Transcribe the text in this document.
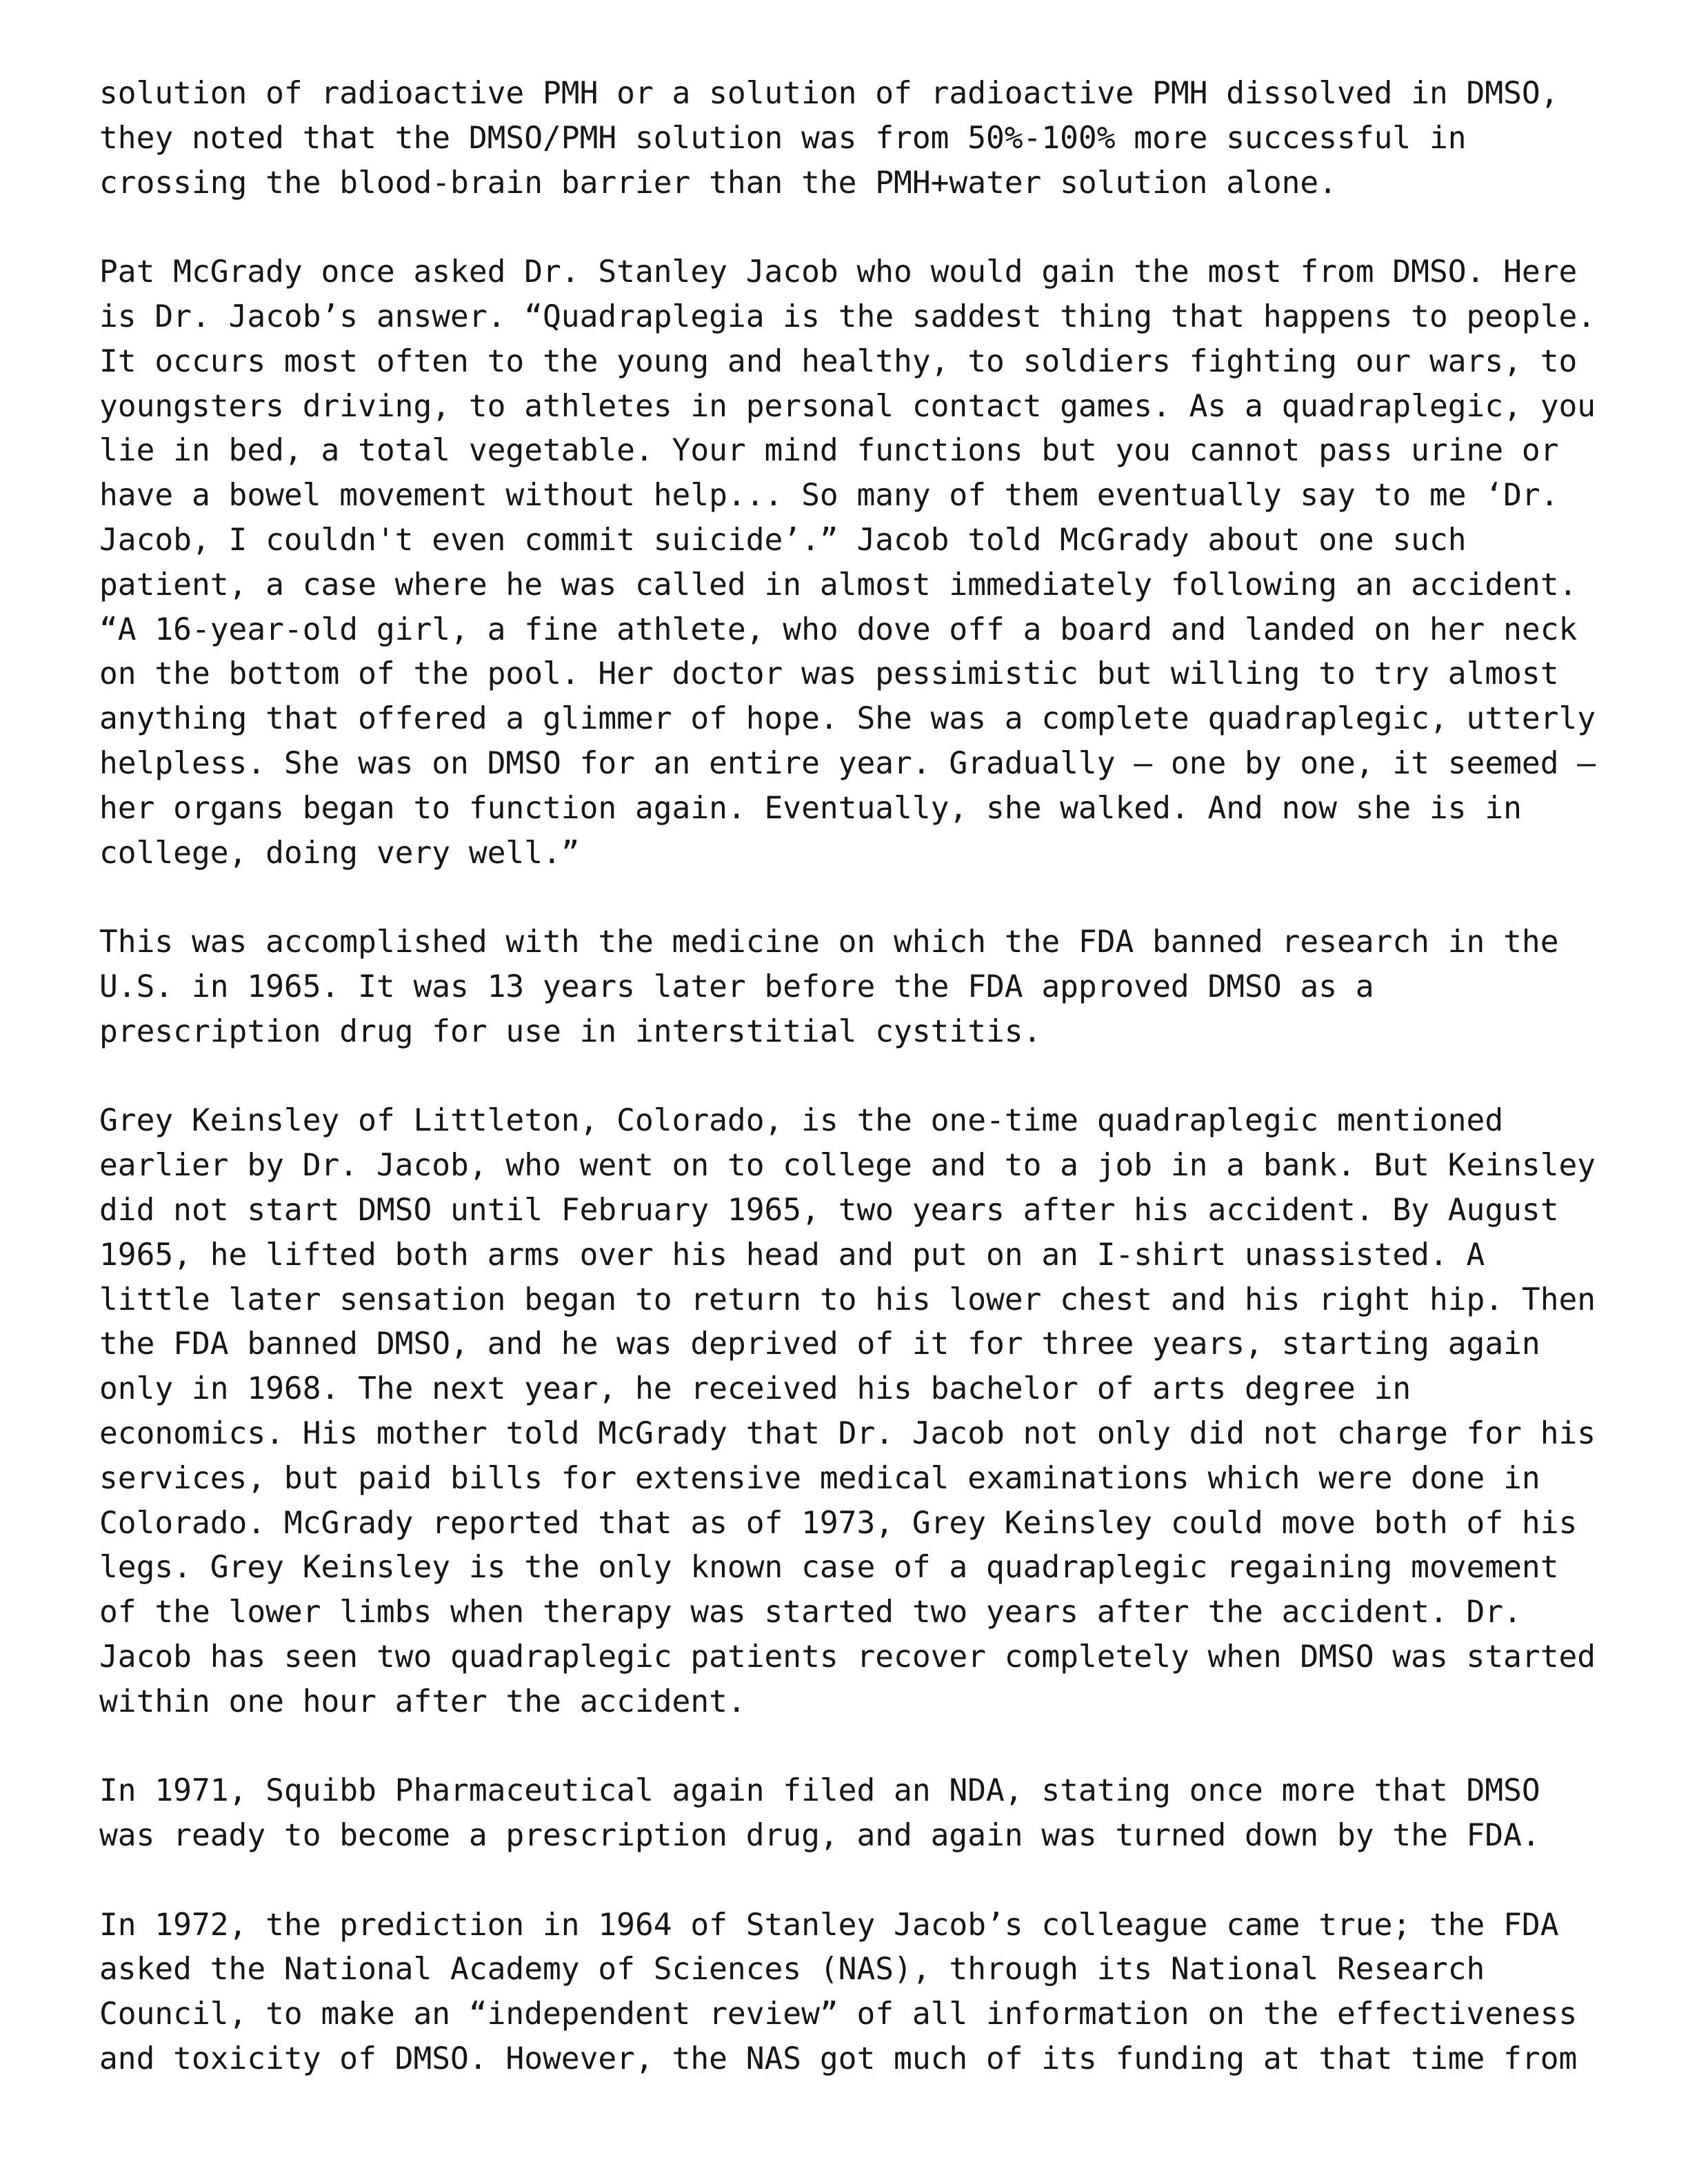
solution of radioactive PMH or a solution of radioactive PMH dissolved in DMSO,
they noted that the DMSO/PMH solution was from 50%-100% more successful in
crossing the blood-brain barrier than the PMH+water solution alone.

Pat McGrady once asked Dr. Stanley Jacob who would gain the most from DMSO. Here
is Dr. Jacob’s answer. “Quadraplegia is the saddest thing that happens to people.
It occurs most often to the young and healthy, to soldiers fighting our wars, to
youngsters driving, to athletes in personal contact games. As a quadraplegic, you
lie in bed, a total vegetable. Your mind functions but you cannot pass urine or
have a bowel movement without help... So many of them eventually say to me ‘Dr.
Jacob, I couldn't even commit suicide’.” Jacob told McGrady about one such
patient, a case where he was called in almost immediately following an accident.
“A 16-year-old girl, a fine athlete, who dove off a board and landed on her neck
on the bottom of the pool. Her doctor was pessimistic but willing to try almost
anything that offered a glimmer of hope. She was a complete quadraplegic, utterly
helpless. She was on DMSO for an entire year. Gradually – one by one, it seemed –
her organs began to function again. Eventually, she walked. And now she is in
college, doing very well.”

This was accomplished with the medicine on which the FDA banned research in the
U.S. in 1965. It was 13 years later before the FDA approved DMSO as a
prescription drug for use in interstitial cystitis.

Grey Keinsley of Littleton, Colorado, is the one-time quadraplegic mentioned
earlier by Dr. Jacob, who went on to college and to a job in a bank. But Keinsley
did not start DMSO until February 1965, two years after his accident. By August
1965, he lifted both arms over his head and put on an I-shirt unassisted. A
little later sensation began to return to his lower chest and his right hip. Then
the FDA banned DMSO, and he was deprived of it for three years, starting again
only in 1968. The next year, he received his bachelor of arts degree in
economics. His mother told McGrady that Dr. Jacob not only did not charge for his
services, but paid bills for extensive medical examinations which were done in
Colorado. McGrady reported that as of 1973, Grey Keinsley could move both of his
legs. Grey Keinsley is the only known case of a quadraplegic regaining movement
of the lower limbs when therapy was started two years after the accident. Dr.
Jacob has seen two quadraplegic patients recover completely when DMSO was started
within one hour after the accident.

In 1971, Squibb Pharmaceutical again filed an NDA, stating once more that DMSO
was ready to become a prescription drug, and again was turned down by the FDA.

In 1972, the prediction in 1964 of Stanley Jacob’s colleague came true; the FDA
asked the National Academy of Sciences (NAS), through its National Research
Council, to make an “independent review” of all information on the effectiveness
and toxicity of DMSO. However, the NAS got much of its funding at that time from
